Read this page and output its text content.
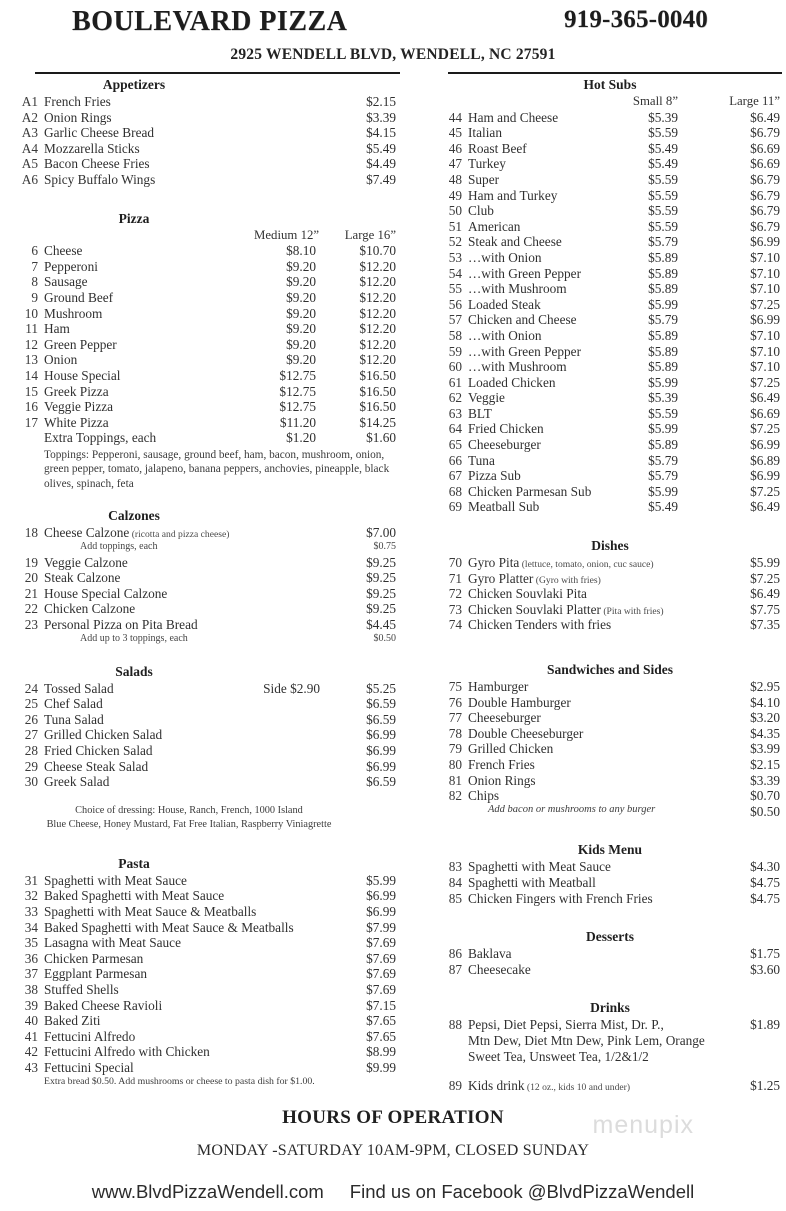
BOULEVARD PIZZA	919-365-0040
2925 WENDELL BLVD, WENDELL, NC 27591
Appetizers
A1 French Fries	$2.15
A2 Onion Rings	$3.39
A3 Garlic Cheese Bread	$4.15
A4 Mozzarella Sticks	$5.49
A5 Bacon Cheese Fries	$4.49
A6 Spicy Buffalo Wings	$7.49
Pizza
Medium 12”	Large 16”
6 Cheese	$8.10	$10.70
7 Pepperoni	$9.20	$12.20
8 Sausage	$9.20	$12.20
9 Ground Beef	$9.20	$12.20
10 Mushroom	$9.20	$12.20
11 Ham	$9.20	$12.20
12 Green Pepper	$9.20	$12.20
13 Onion	$9.20	$12.20
14 House Special	$12.75	$16.50
15 Greek Pizza	$12.75	$16.50
16 Veggie Pizza	$12.75	$16.50
17 White Pizza	$11.20	$14.25
Extra Toppings, each	$1.20	$1.60
Toppings: Pepperoni, sausage, ground beef, ham, bacon, mushroom, onion, green pepper, tomato, jalapeno, banana peppers, anchovies, pineapple, black olives, spinach, feta
Calzones
18 Cheese Calzone (ricotta and pizza cheese)	$7.00
Add toppings, each	$0.75
19 Veggie Calzone	$9.25
20 Steak Calzone	$9.25
21 House Special Calzone	$9.25
22 Chicken Calzone	$9.25
23 Personal Pizza on Pita Bread	$4.45
Add up to 3 toppings, each	$0.50
Salads
24 Tossed Salad	Side $2.90	$5.25
25 Chef Salad	$6.59
26 Tuna Salad	$6.59
27 Grilled Chicken Salad	$6.99
28 Fried Chicken Salad	$6.99
29 Cheese Steak Salad	$6.99
30 Greek Salad	$6.59
Choice of dressing: House, Ranch, French, 1000 Island
Blue Cheese, Honey Mustard, Fat Free Italian, Raspberry Viniagrette
Pasta
31 Spaghetti with Meat Sauce	$5.99
32 Baked Spaghetti with Meat Sauce	$6.99
33 Spaghetti with Meat Sauce & Meatballs	$6.99
34 Baked Spaghetti with Meat Sauce & Meatballs	$7.99
35 Lasagna with Meat Sauce	$7.69
36 Chicken Parmesan	$7.69
37 Eggplant Parmesan	$7.69
38 Stuffed Shells	$7.69
39 Baked Cheese Ravioli	$7.15
40 Baked Ziti	$7.65
41 Fettucini Alfredo	$7.65
42 Fettucini Alfredo with Chicken	$8.99
43 Fettucini Special	$9.99
Extra bread $0.50. Add mushrooms or cheese to pasta dish for $1.00.
Hot Subs
Small 8”	Large 11”
44 Ham and Cheese	$5.39	$6.49
45 Italian	$5.59	$6.79
46 Roast Beef	$5.49	$6.69
47 Turkey	$5.49	$6.69
48 Super	$5.59	$6.79
49 Ham and Turkey	$5.59	$6.79
50 Club	$5.59	$6.79
51 American	$5.59	$6.79
52 Steak and Cheese	$5.79	$6.99
53 …with Onion	$5.89	$7.10
54 …with Green Pepper	$5.89	$7.10
55 …with Mushroom	$5.89	$7.10
56 Loaded Steak	$5.99	$7.25
57 Chicken and Cheese	$5.79	$6.99
58 …with Onion	$5.89	$7.10
59 …with Green Pepper	$5.89	$7.10
60 …with Mushroom	$5.89	$7.10
61 Loaded Chicken	$5.99	$7.25
62 Veggie	$5.39	$6.49
63 BLT	$5.59	$6.69
64 Fried Chicken	$5.99	$7.25
65 Cheeseburger	$5.89	$6.99
66 Tuna	$5.79	$6.89
67 Pizza Sub	$5.79	$6.99
68 Chicken Parmesan Sub	$5.99	$7.25
69 Meatball Sub	$5.49	$6.49
Dishes
70 Gyro Pita (lettuce, tomato, onion, cuc sauce)	$5.99
71 Gyro Platter (Gyro with fries)	$7.25
72 Chicken Souvlaki Pita	$6.49
73 Chicken Souvlaki Platter (Pita with fries)	$7.75
74 Chicken Tenders with fries	$7.35
Sandwiches and Sides
75 Hamburger	$2.95
76 Double Hamburger	$4.10
77 Cheeseburger	$3.20
78 Double Cheeseburger	$4.35
79 Grilled Chicken	$3.99
80 French Fries	$2.15
81 Onion Rings	$3.39
82 Chips	$0.70
Add bacon or mushrooms to any burger	$0.50
Kids Menu
83 Spaghetti with Meat Sauce	$4.30
84 Spaghetti with Meatball	$4.75
85 Chicken Fingers with French Fries	$4.75
Desserts
86 Baklava	$1.75
87 Cheesecake	$3.60
Drinks
88 Pepsi, Diet Pepsi, Sierra Mist, Dr. P.,	$1.89
Mtn Dew, Diet Mtn Dew, Pink Lem, Orange
Sweet Tea, Unsweet Tea, 1/2&1/2
89 Kids drink (12 oz., kids 10 and under)	$1.25
menupix
HOURS OF OPERATION
MONDAY -SATURDAY 10AM-9PM, CLOSED SUNDAY
www.BlvdPizzaWendell.com Find us on Facebook @BlvdPizzaWendell
